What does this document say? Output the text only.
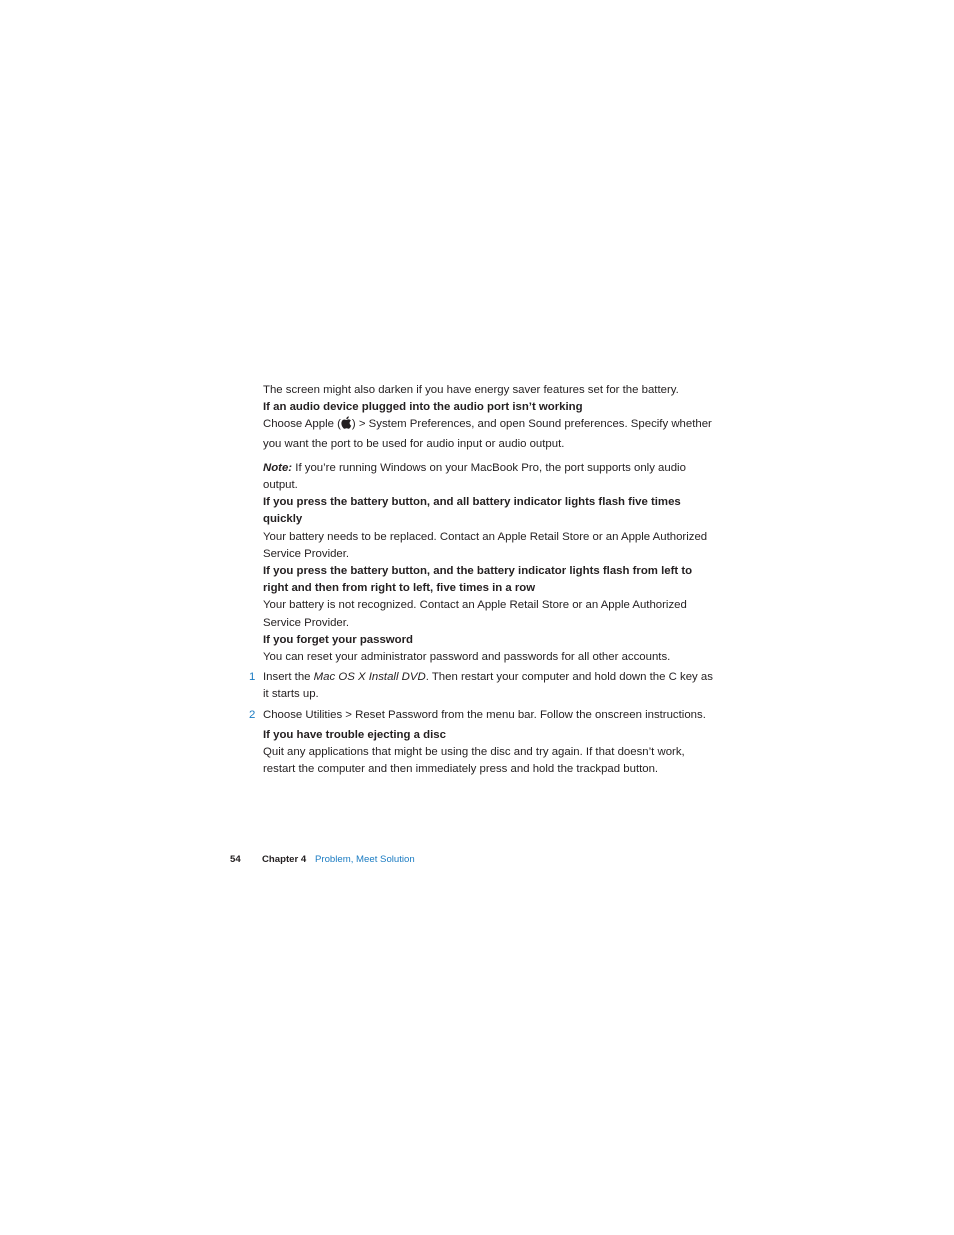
The screen might also darken if you have energy saver features set for the battery.

If an audio device plugged into the audio port isn’t working

Choose Apple ( ) > System Preferences, and open Sound preferences. Specify whether you want the port to be used for audio input or audio output.

Note: If you’re running Windows on your MacBook Pro, the port supports only audio output.

If you press the battery button, and all battery indicator lights flash five times quickly

Your battery needs to be replaced. Contact an Apple Retail Store or an Apple Authorized Service Provider.

If you press the battery button, and the battery indicator lights flash from left to right and then from right to left, five times in a row

Your battery is not recognized. Contact an Apple Retail Store or an Apple Authorized Service Provider.

If you forget your password

You can reset your administrator password and passwords for all other accounts.

1 Insert the Mac OS X Install DVD. Then restart your computer and hold down the C key as it starts up.
2 Choose Utilities > Reset Password from the menu bar. Follow the onscreen instructions.

If you have trouble ejecting a disc

Quit any applications that might be using the disc and try again. If that doesn’t work, restart the computer and then immediately press and hold the trackpad button.

54 Chapter 4 Problem, Meet Solution
